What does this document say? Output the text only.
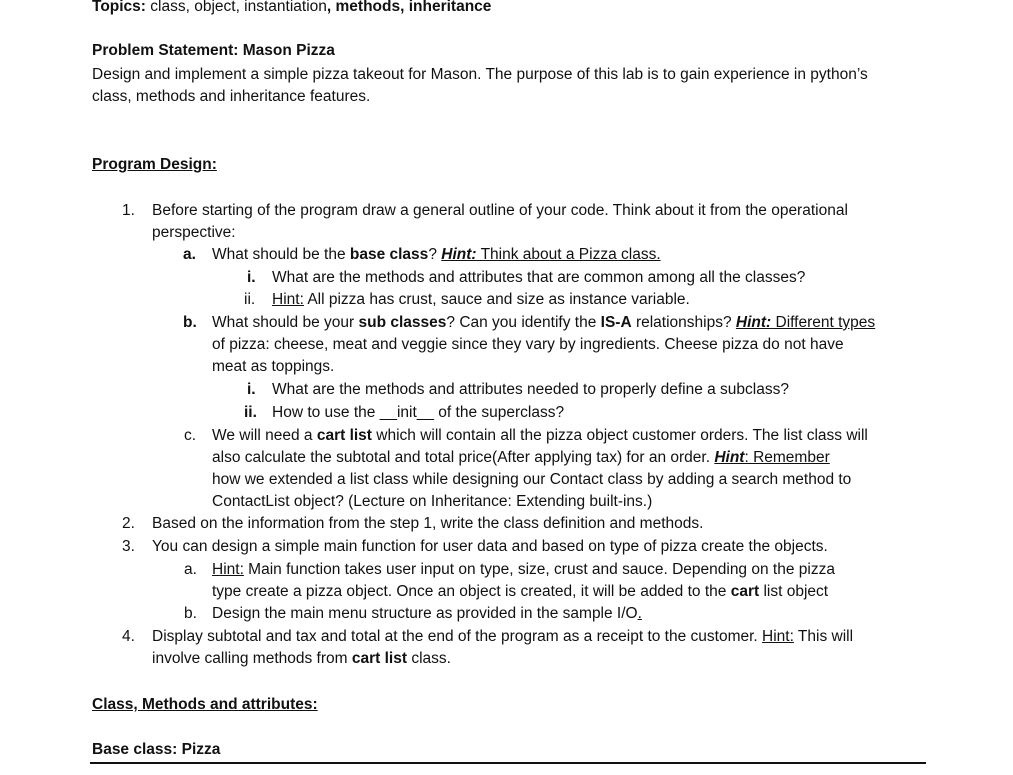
Topics: class, object, instantiation, methods, inheritance
Problem Statement: Mason Pizza
Design and implement a simple pizza takeout for Mason. The purpose of this lab is to gain experience in python’s
class, methods and inheritance features.
Program Design:
1. Before starting of the program draw a general outline of your code. Think about it from the operational
perspective:
a. What should be the base class? Hint: Think about a Pizza class.
i. What are the methods and attributes that are common among all the classes?
ii. Hint: All pizza has crust, sauce and size as instance variable.
b. What should be your sub classes? Can you identify the IS-A relationships? Hint: Different types
of pizza: cheese, meat and veggie since they vary by ingredients. Cheese pizza do not have
meat as toppings.
i. What are the methods and attributes needed to properly define a subclass?
ii. How to use the __init__ of the superclass?
c. We will need a cart list which will contain all the pizza object customer orders. The list class will
also calculate the subtotal and total price(After applying tax) for an order. Hint: Remember
how we extended a list class while designing our Contact class by adding a search method to
ContactList object? (Lecture on Inheritance: Extending built-ins.)
2. Based on the information from the step 1, write the class definition and methods.
3. You can design a simple main function for user data and based on type of pizza create the objects.
a. Hint: Main function takes user input on type, size, crust and sauce. Depending on the pizza
type create a pizza object. Once an object is created, it will be added to the cart list object
b. Design the main menu structure as provided in the sample I/O.
4. Display subtotal and tax and total at the end of the program as a receipt to the customer. Hint: This will
involve calling methods from cart list class.
Class, Methods and attributes:
Base class: Pizza
